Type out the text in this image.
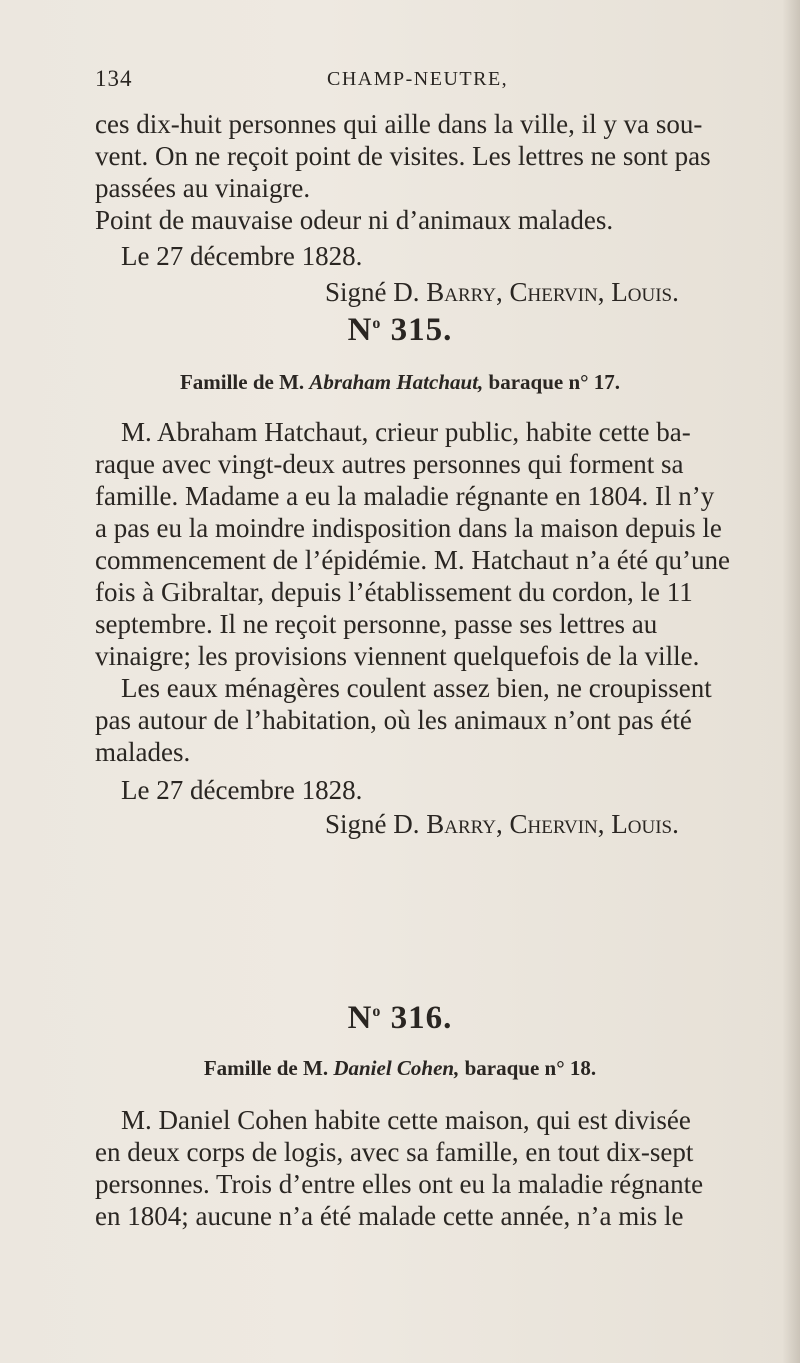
134	CHAMP-NEUTRE,
ces dix-huit personnes qui aille dans la ville, il y va sou-
vent. On ne reçoit point de visites. Les lettres ne sont pas
passées au vinaigre.
Point de mauvaise odeur ni d’animaux malades.
Le 27 décembre 1828.
Signé D. Barry, Chervin, Louis.
$N^o$ 315.
Famille de M. Abraham Hatchaut, baraque n° 17.
M. Abraham Hatchaut, crieur public, habite cette ba-
raque avec vingt-deux autres personnes qui forment sa
famille. Madame a eu la maladie régnante en 1804. Il n’y
a pas eu la moindre indisposition dans la maison depuis le
commencement de l’épidémie. M. Hatchaut n’a été qu’une
fois à Gibraltar, depuis l’établissement du cordon, le 11
septembre. Il ne reçoit personne, passe ses lettres au
vinaigre; les provisions viennent quelquefois de la ville.
Les eaux ménagères coulent assez bien, ne croupissent
pas autour de l’habitation, où les animaux n’ont pas été
malades.
Le 27 décembre 1828.
Signé D. Barry, Chervin, Louis.
$N^o$ 316.
Famille de M. Daniel Cohen, baraque n° 18.
M. Daniel Cohen habite cette maison, qui est divisée
en deux corps de logis, avec sa famille, en tout dix-sept
personnes. Trois d’entre elles ont eu la maladie régnante
en 1804; aucune n’a été malade cette année, n’a mis le
